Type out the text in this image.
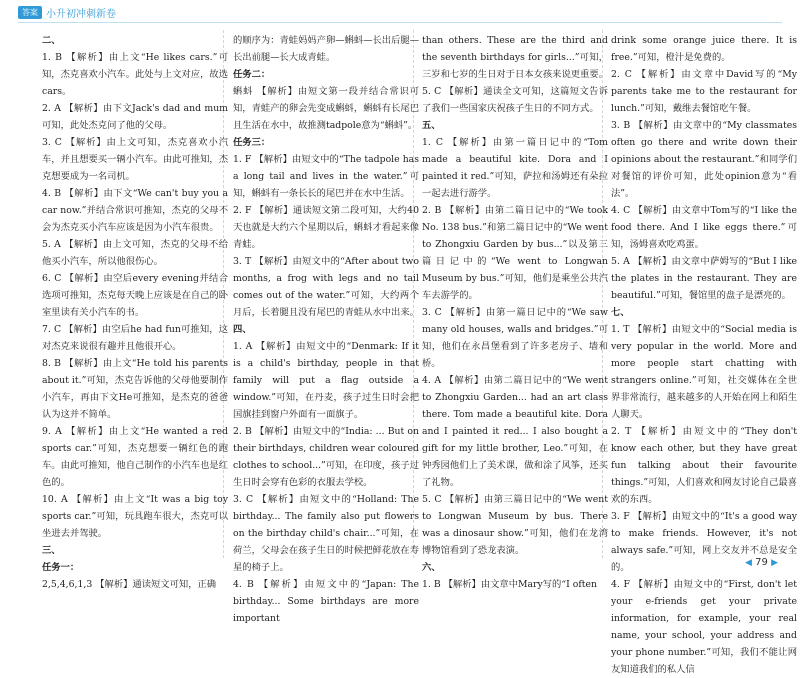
答案 小升初冲刺新卷

二、

1. B 【解析】由上文“He likes cars.”可知，杰克喜欢小汽车。此处与上文对应，故选cars。

2. A 【解析】由下文Jack's dad and mum可知，此处杰克问了他的父母。

3. C 【解析】由上文可知，杰克喜欢小汽车，并且想要买一辆小汽车。由此可推知，杰克想要成为一名司机。

4. B 【解析】由下文“We can't buy you a car now.”并结合常识可推知，杰克的父母不会为杰克买小汽车应该是因为小汽车很贵。

5. A 【解析】由上文可知，杰克的父母不给他买小汽车，所以他很伤心。

6. C 【解析】由空后every evening并结合选项可推知，杰克每天晚上应该是在自己的卧室里读有关小汽车的书。

7. C 【解析】由空后he had fun可推知，这对杰克来说很有趣并且他很开心。

8. B 【解析】由上文“He told his parents about it.”可知，杰克告诉他的父母他要制作小汽车，再由下文He可推知，是杰克的爸爸认为这并不简单。

9. A 【解析】由上文“He wanted a red sports car.”可知，杰克想要一辆红色的跑车。由此可推知，他自己制作的小汽车也是红色的。

10. A 【解析】由上文“It was a big toy sports car.”可知，玩具跑车很大，杰克可以坐进去并驾驶。

三、

任务一：

2,5,4,6,1,3 【解析】通读短文可知，正确

的顺序为：青蛙妈妈产卵—蝌蚪—长出后腿—长出前腿—长大成青蛙。

任务二：

蝌蚪 【解析】由短文第一段并结合常识可知，青蛙产的卵会先变成蝌蚪，蝌蚪有长尾巴且生活在水中，故推测tadpole意为“蝌蚪”。

任务三：

1. F 【解析】由短文中的“The tadpole has a long tail and lives in the water.”可知，蝌蚪有一条长长的尾巴并在水中生活。

2. F 【解析】通读短文第二段可知，大约40天也就是大约六个星期以后，蝌蚪才看起来像青蛙。

3. T 【解析】由短文中的“After about two months, a frog with legs and no tail comes out of the water.”可知，大约两个月后，长着腿且没有尾巴的青蛙从水中出来。

四、

1. A 【解析】由短文中的“Denmark: If it is a child's birthday, people in that family will put a flag outside a window.”可知，在丹麦，孩子过生日时会把国旗挂到窗户外面有一面旗子。

2. B 【解析】由短文中的“India: ... But on their birthdays, children wear coloured clothes to school...”可知，在印度，孩子过生日时会穿有色彩的衣服去学校。

3. C 【解析】由短文中的“Holland: The birthday... The family also put flowers on the birthday child's chair...”可知，在荷兰，父母会在孩子生日的时候把鲜花放在寿星的椅子上。

4. B 【解析】由短文中的“Japan: The birthday... Some birthdays are more important

than others. These are the third and the seventh birthdays for girls...”可知，三岁和七岁的生日对于日本女孩来说更重要。

5. C 【解析】通读全文可知，这篇短文告诉了我们一些国家庆祝孩子生日的不同方式。

五、

1. C 【解析】由第一篇日记中的“Tom made a beautiful kite. Dora and I painted it red.”可知，萨拉和汤姆还有朵拉一起去进行游学。

2. B 【解析】由第二篇日记中的“We took No. 138 bus.”和第二篇日记中的“We went to Zhongxiu Garden by bus...”以及第三篇日记中的“We went to Longwan Museum by bus.”可知，他们是乘坐公共汽车去游学的。

3. C 【解析】由第一篇日记中的“We saw many old houses, walls and bridges.”可知，他们在永昌堡看到了许多老房子、墙和桥。

4. A 【解析】由第二篇日记中的“We went to Zhongxiu Garden... had an art class there. Tom made a beautiful kite. Dora and I painted it red... I also bought a gift for my little brother, Leo.”可知，在钟秀园他们上了美术课，做和涂了风筝，还买了礼物。

5. C 【解析】由第三篇日记中的“We went to Longwan Museum by bus. There was a dinosaur show.”可知，他们在龙湾博物馆看到了恐龙表演。

六、

1. B 【解析】由文章中Mary写的“I often

drink some orange juice there. It is free.”可知，橙汁是免费的。

2. C 【解析】由文章中David写的“My parents take me to the restaurant for lunch.”可知，戴维去餐馆吃午餐。

3. B 【解析】由文章中的“My classmates often go there and write down their opinions about the restaurant.”和同学们对餐馆的评价可知，此处opinion意为“看法”。

4. C 【解析】由文章中Tom写的“I like the food there. And I like eggs there.”可知，汤姆喜欢吃鸡蛋。

5. A 【解析】由文章中萨姆写的“But I like the plates in the restaurant. They are beautiful.”可知，餐馆里的盘子是漂亮的。

七、

1. T 【解析】由短文中的“Social media is very popular in the world. More and more people start chatting with strangers online.”可知，社交媒体在全世界非常流行，越来越多的人开始在网上和陌生人聊天。

2. T 【解析】由短文中的“They don't know each other, but they have great fun talking about their favourite things.”可知，人们喜欢和网友讨论自己最喜欢的东西。

3. F 【解析】由短文中的“It's a good way to make friends. However, it's not always safe.”可知，网上交友并不总是安全的。

4. F 【解析】由短文中的“First, don't let your e-friends get your private information, for example, your real name, your school, your address and your phone number.”可知，我们不能让网友知道我们的私人信

◀ 79 ▶
